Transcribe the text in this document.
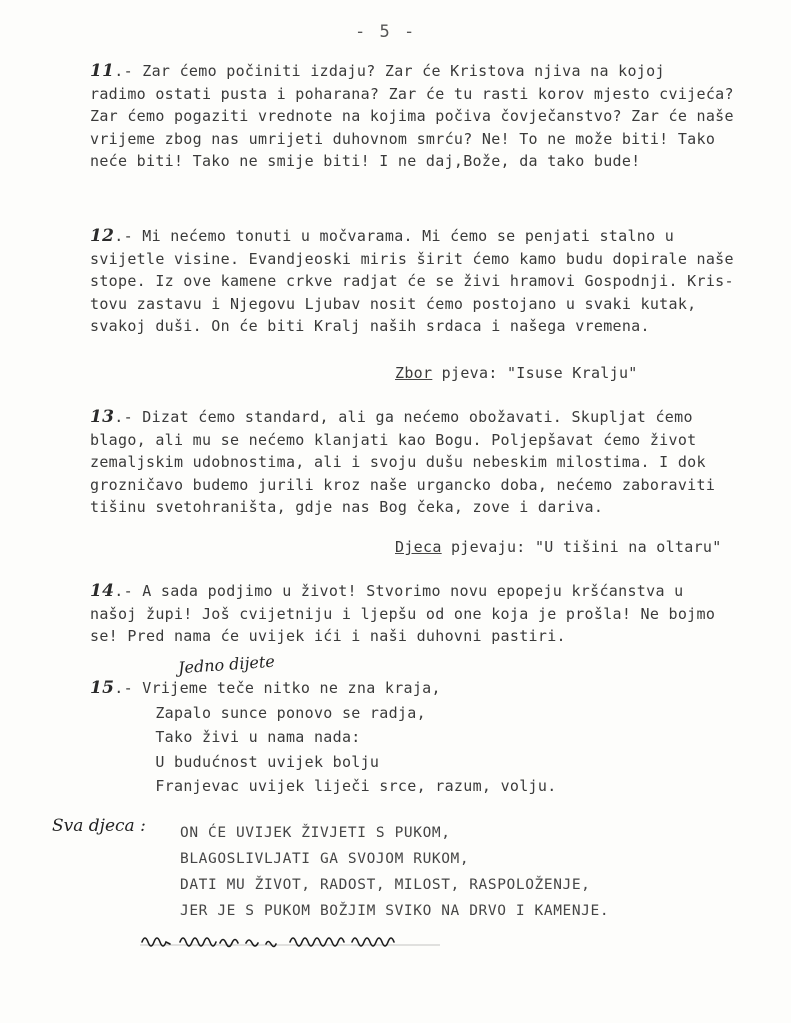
- 5 -
11.- Zar ćemo počiniti izdaju? Zar će Kristova njiva na kojoj
radimo ostati pusta i poharana? Zar će tu rasti korov mjesto cvijeća?
Zar ćemo pogaziti vrednote na kojima počiva čovječanstvo? Zar će naše
vrijeme zbog nas umrijeti duhovnom smrću? Ne! To ne može biti! Tako
neće biti! Tako ne smije biti! I ne daj,Bože, da tako bude!
12.- Mi nećemo tonuti u močvarama. Mi ćemo se penjati stalno u
svijetle visine. Evandjeoski miris širit ćemo kamo budu dopirale naše
stope. Iz ove kamene crkve radjat će se živi hramovi Gospodnji. Kris-
tovu zastavu i Njegovu Ljubav nosit ćemo postojano u svaki kutak,
svakoj duši. On će biti Kralj naših srdaca i našega vremena.
Zbor pjeva: "Isuse Kralju"
13.- Dizat ćemo standard, ali ga nećemo obožavati. Skupljat ćemo
blago, ali mu se nećemo klanjati kao Bogu. Poljepšavat ćemo život
zemaljskim udobnostima, ali i svoju dušu nebeskim milostima. I dok
grozničavo budemo jurili kroz naše urgancko doba, nećemo zaboraviti
tišinu svetohraništa, gdje nas Bog čeka, zove i dariva.
Djeca pjevaju: "U tišini na oltaru"
14.- A sada podjimo u život! Stvorimo novu epopeju kršćanstva u
našoj župi! Još cvijetniju i ljepšu od one koja je prošla! Ne bojmo
se! Pred nama će uvijek ići i naši duhovni pastiri.
Jedno dijete
15.- Vrijeme teče nitko ne zna kraja,
Zapalo sunce ponovo se radja,
Tako živi u nama nada:
U budućnost uvijek bolju
Franjevac uvijek liječi srce, razum, volju.
Sva djeca : ON ĆE UVIJEK ŽIVJETI S PUKOM,
BLAGOSLIVLJATI GA SVOJOM RUKOM,
DATI MU ŽIVOT, RADOST, MILOST, RASPOLOŽENJE,
JER JE S PUKOM BOŽJIM SVIKO NA DRVO I KAMENJE.
